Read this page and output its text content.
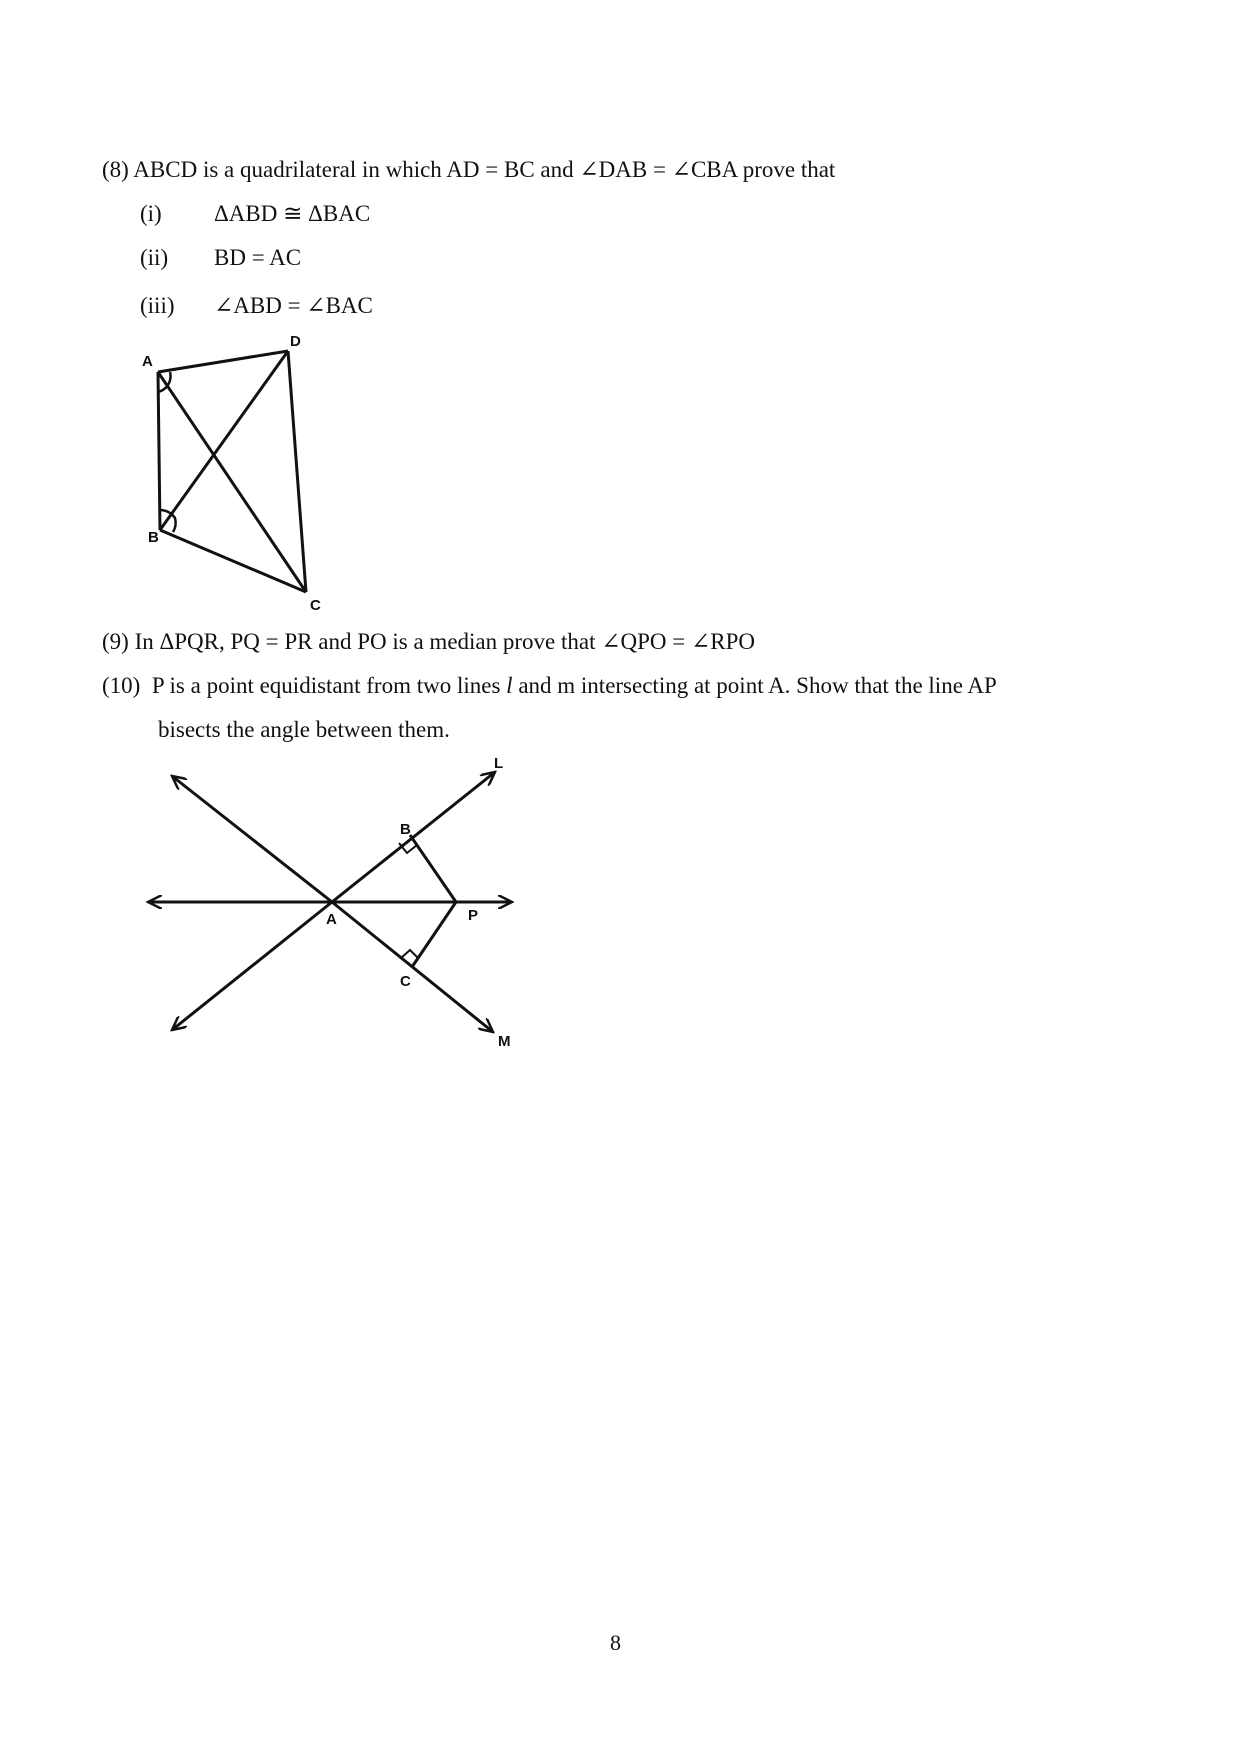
(8) ABCD is a quadrilateral in which AD = BC and ∠DAB = ∠CBA prove that
(i) ΔABD ≅ ΔBAC
(ii) BD = AC
(iii) ∠ABD = ∠BAC
(9) In ΔPQR, PQ = PR and PO is a median prove that ∠QPO = ∠RPO
(10) P is a point equidistant from two lines l and m intersecting at point A. Show that the line AP
bisects the angle between them.
A
D
B
C
L
B
A	P
C
M
8
